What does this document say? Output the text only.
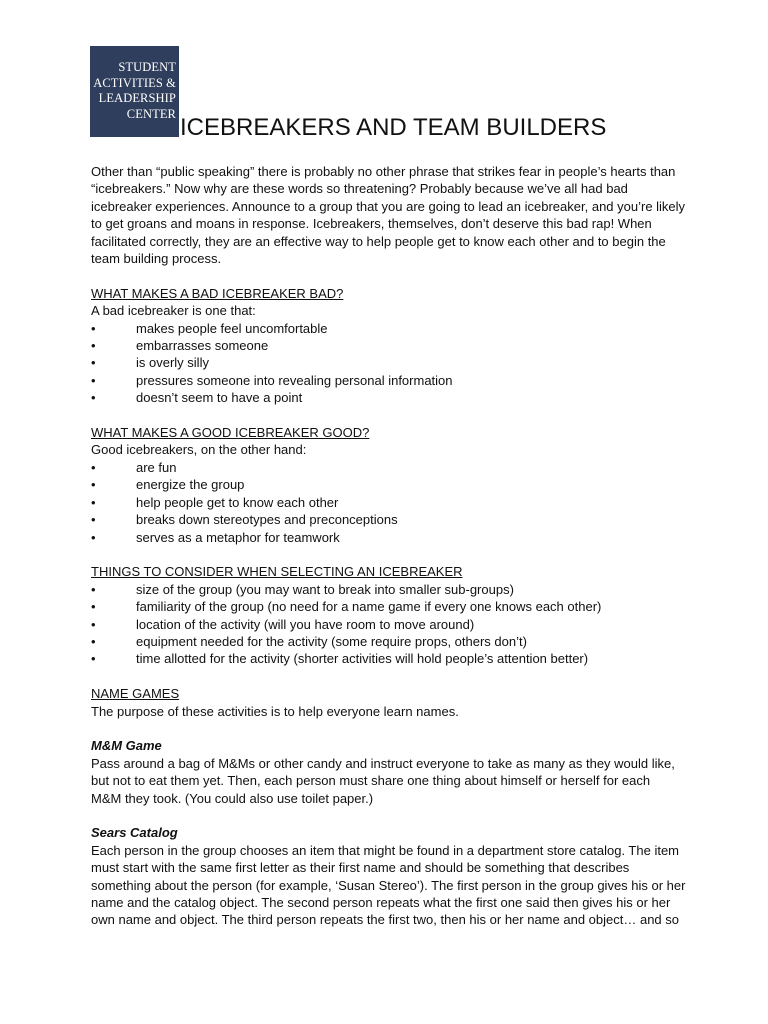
STUDENT
ACTIVITIES &
LEADERSHIP
CENTER
ICEBREAKERS AND TEAM BUILDERS

Other than “public speaking” there is probably no other phrase that strikes fear in people’s hearts than
“icebreakers.” Now why are these words so threatening? Probably because we’ve all had bad
icebreaker experiences. Announce to a group that you are going to lead an icebreaker, and you’re likely
to get groans and moans in response. Icebreakers, themselves, don’t deserve this bad rap! When
facilitated correctly, they are an effective way to help people get to know each other and to begin the
team building process.

WHAT MAKES A BAD ICEBREAKER BAD?
A bad icebreaker is one that:
•	makes people feel uncomfortable
•	embarrasses someone
•	is overly silly
•	pressures someone into revealing personal information
•	doesn’t seem to have a point
WHAT MAKES A GOOD ICEBREAKER GOOD?
Good icebreakers, on the other hand:
•	are fun
•	energize the group
•	help people get to know each other
•	breaks down stereotypes and preconceptions
•	serves as a metaphor for teamwork
THINGS TO CONSIDER WHEN SELECTING AN ICEBREAKER
•	size of the group (you may want to break into smaller sub-groups)
•	familiarity of the group (no need for a name game if every one knows each other)
•	location of the activity (will you have room to move around)
•	equipment needed for the activity (some require props, others don’t)
•	time allotted for the activity (shorter activities will hold people’s attention better)
NAME GAMES
The purpose of these activities is to help everyone learn names.
M&M Game

Pass around a bag of M&Ms or other candy and instruct everyone to take as many as they would like,
but not to eat them yet. Then, each person must share one thing about himself or herself for each
M&M they took. (You could also use toilet paper.)

Sears Catalog

Each person in the group chooses an item that might be found in a department store catalog. The item
must start with the same first letter as their first name and should be something that describes
something about the person (for example, ‘Susan Stereo’). The first person in the group gives his or her
name and the catalog object. The second person repeats what the first one said then gives his or her
own name and object. The third person repeats the first two, then his or her name and object… and so
